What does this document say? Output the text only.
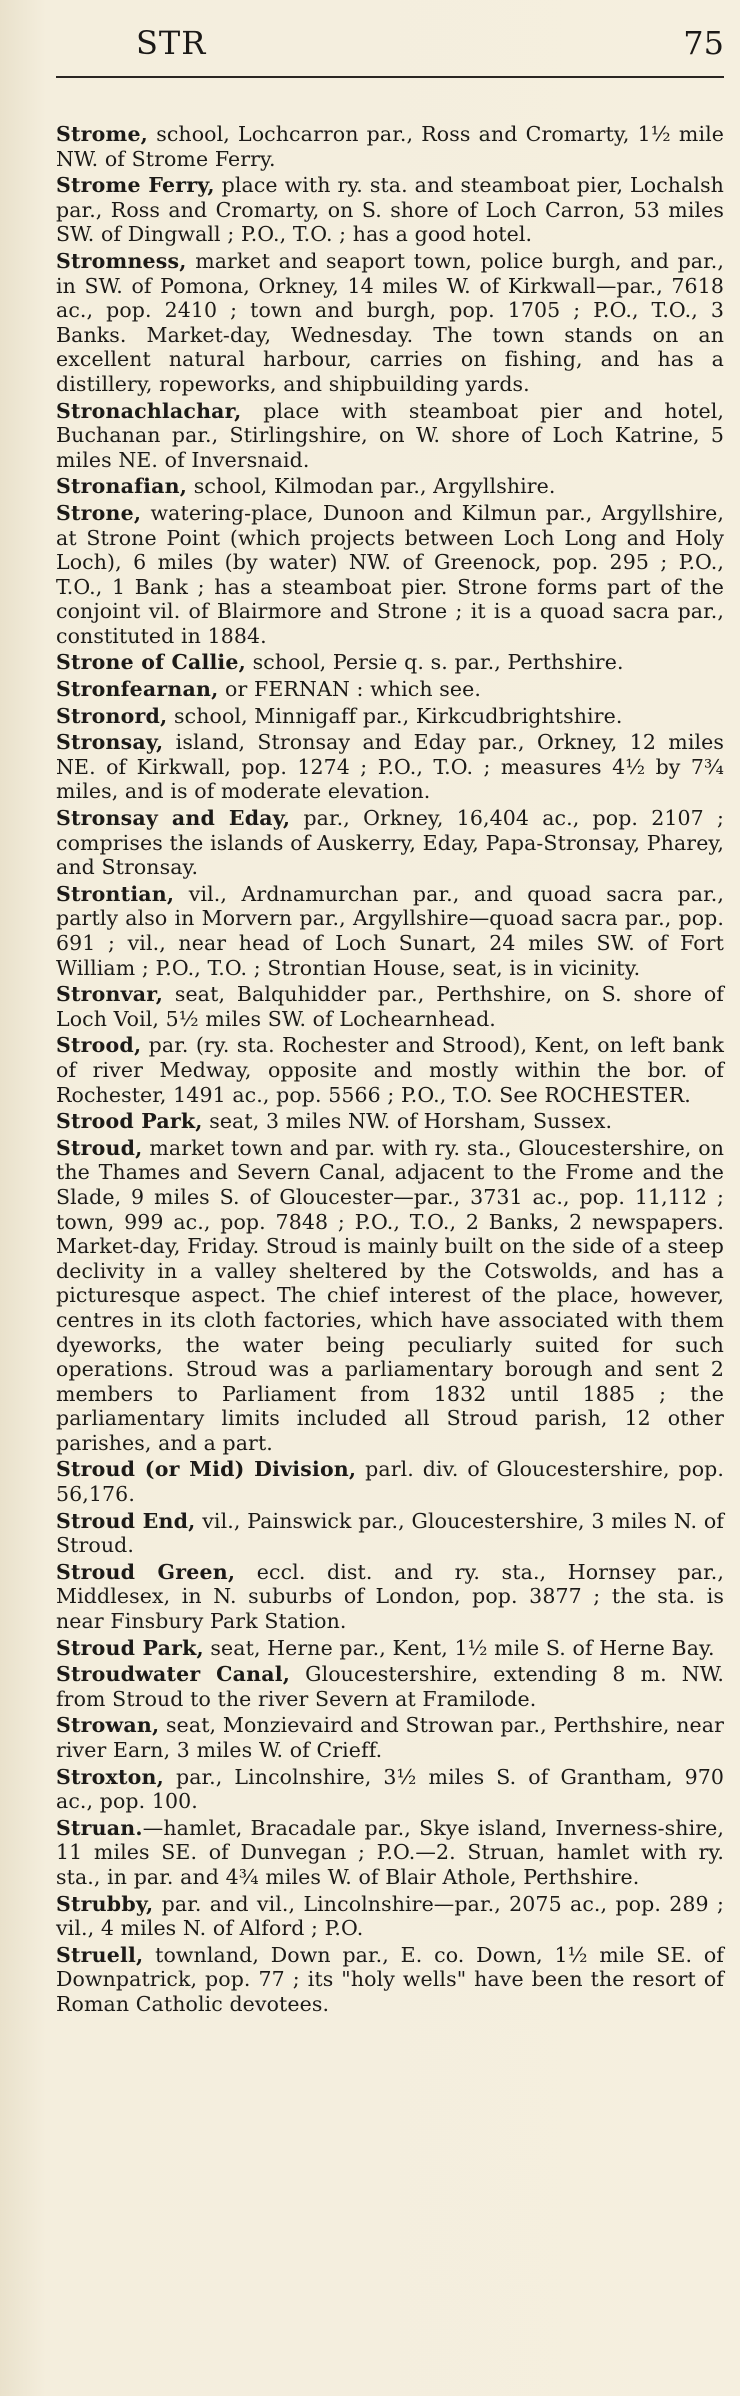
STR	75

Strome, school, Lochcarron par., Ross and Cromarty, 1½ mile NW. of Strome Ferry.

Strome Ferry, place with ry. sta. and steamboat pier, Lochalsh par., Ross and Cromarty, on S. shore of Loch Carron, 53 miles SW. of Dingwall ; P.O., T.O. ; has a good hotel.

Stromness, market and seaport town, police burgh, and par., in SW. of Pomona, Orkney, 14 miles W. of Kirkwall—par., 7618 ac., pop. 2410 ; town and burgh, pop. 1705 ; P.O., T.O., 3 Banks. Market-day, Wednesday. The town stands on an excellent natural harbour, carries on fishing, and has a distillery, ropeworks, and shipbuilding yards.

Stronachlachar, place with steamboat pier and hotel, Buchanan par., Stirlingshire, on W. shore of Loch Katrine, 5 miles NE. of Inversnaid.

Stronafian, school, Kilmodan par., Argyllshire.

Strone, watering-place, Dunoon and Kilmun par., Argyllshire, at Strone Point (which projects between Loch Long and Holy Loch), 6 miles (by water) NW. of Greenock, pop. 295 ; P.O., T.O., 1 Bank ; has a steamboat pier. Strone forms part of the conjoint vil. of Blairmore and Strone ; it is a quoad sacra par., constituted in 1884.

Strone of Callie, school, Persie q. s. par., Perthshire.

Stronfearnan, or FERNAN : which see.

Stronord, school, Minnigaff par., Kirkcudbrightshire.

Stronsay, island, Stronsay and Eday par., Orkney, 12 miles NE. of Kirkwall, pop. 1274 ; P.O., T.O. ; measures 4½ by 7¾ miles, and is of moderate elevation.

Stronsay and Eday, par., Orkney, 16,404 ac., pop. 2107 ; comprises the islands of Auskerry, Eday, Papa-Stronsay, Pharey, and Stronsay.

Strontian, vil., Ardnamurchan par., and quoad sacra par., partly also in Morvern par., Argyllshire—quoad sacra par., pop. 691 ; vil., near head of Loch Sunart, 24 miles SW. of Fort William ; P.O., T.O. ; Strontian House, seat, is in vicinity.

Stronvar, seat, Balquhidder par., Perthshire, on S. shore of Loch Voil, 5½ miles SW. of Lochearnhead.

Strood, par. (ry. sta. Rochester and Strood), Kent, on left bank of river Medway, opposite and mostly within the bor. of Rochester, 1491 ac., pop. 5566 ; P.O., T.O. See ROCHESTER.

Strood Park, seat, 3 miles NW. of Horsham, Sussex.

Stroud, market town and par. with ry. sta., Gloucestershire, on the Thames and Severn Canal, adjacent to the Frome and the Slade, 9 miles S. of Gloucester—par., 3731 ac., pop. 11,112 ; town, 999 ac., pop. 7848 ; P.O., T.O., 2 Banks, 2 newspapers. Market-day, Friday. Stroud is mainly built on the side of a steep declivity in a valley sheltered by the Cotswolds, and has a picturesque aspect. The chief interest of the place, however, centres in its cloth factories, which have associated with them dyeworks, the water being peculiarly suited for such operations. Stroud was a parliamentary borough and sent 2 members to Parliament from 1832 until 1885 ; the parliamentary limits included all Stroud parish, 12 other parishes, and a part.

Stroud (or Mid) Division, parl. div. of Gloucestershire, pop. 56,176.

Stroud End, vil., Painswick par., Gloucestershire, 3 miles N. of Stroud.

Stroud Green, eccl. dist. and ry. sta., Hornsey par., Middlesex, in N. suburbs of London, pop. 3877 ; the sta. is near Finsbury Park Station.

Stroud Park, seat, Herne par., Kent, 1½ mile S. of Herne Bay.

Stroudwater Canal, Gloucestershire, extending 8 m. NW. from Stroud to the river Severn at Framilode.

Strowan, seat, Monzievaird and Strowan par., Perthshire, near river Earn, 3 miles W. of Crieff.

Stroxton, par., Lincolnshire, 3½ miles S. of Grantham, 970 ac., pop. 100.

Struan.—hamlet, Bracadale par., Skye island, Inverness-shire, 11 miles SE. of Dunvegan ; P.O.—2. Struan, hamlet with ry. sta., in par. and 4¾ miles W. of Blair Athole, Perthshire.

Strubby, par. and vil., Lincolnshire—par., 2075 ac., pop. 289 ; vil., 4 miles N. of Alford ; P.O.

Struell, townland, Down par., E. co. Down, 1½ mile SE. of Downpatrick, pop. 77 ; its "holy wells" have been the resort of Roman Catholic devotees.
